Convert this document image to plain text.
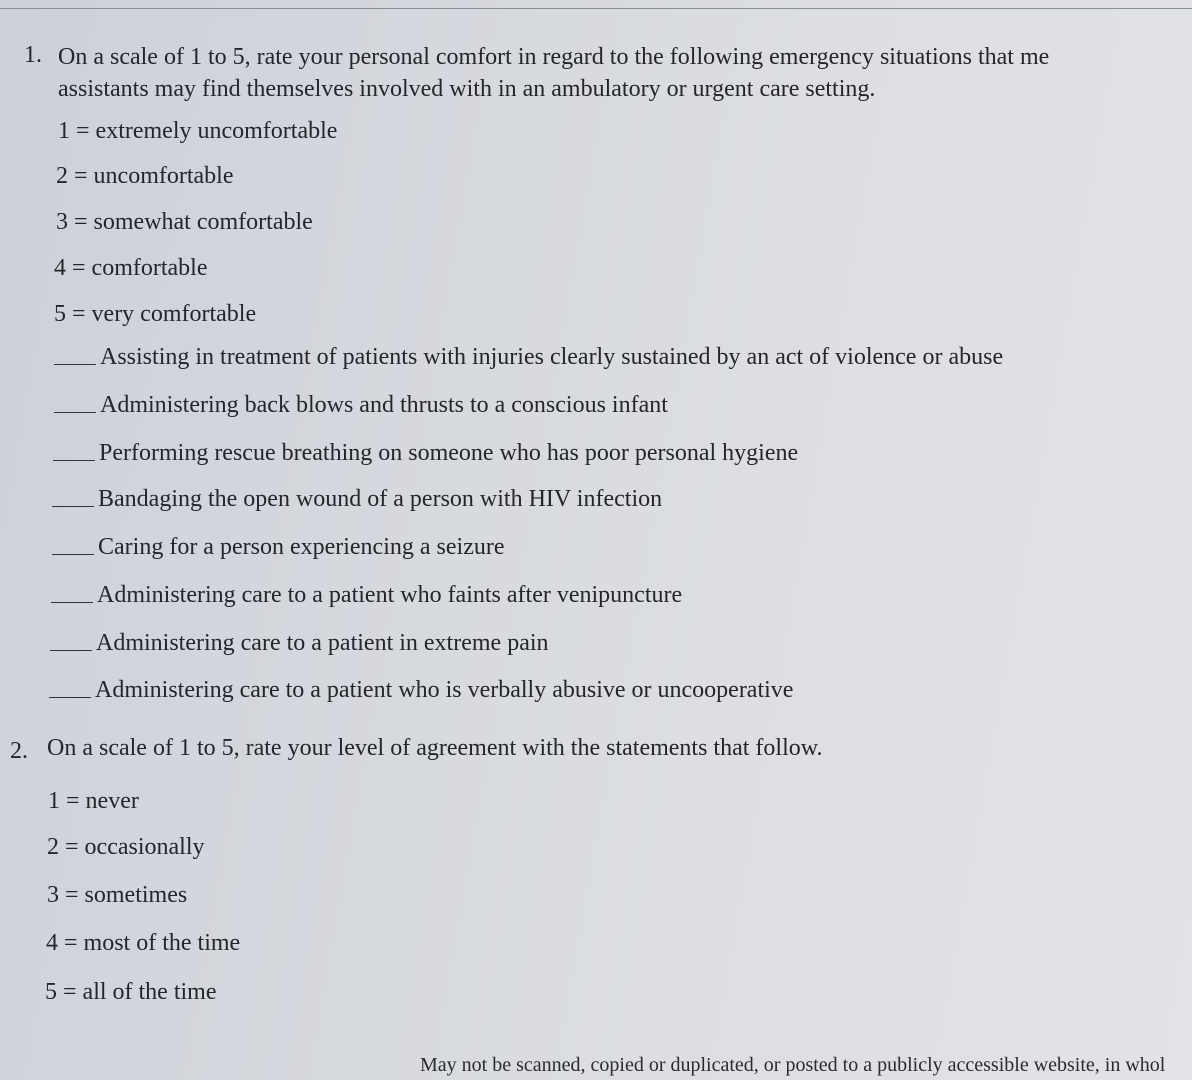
1. On a scale of 1 to 5, rate your personal comfort in regard to the following emergency situations that me
assistants may find themselves involved with in an ambulatory or urgent care setting.
1 = extremely uncomfortable
2 = uncomfortable
3 = somewhat comfortable
4 = comfortable
5 = very comfortable
Assisting in treatment of patients with injuries clearly sustained by an act of violence or abuse
Administering back blows and thrusts to a conscious infant
Performing rescue breathing on someone who has poor personal hygiene
Bandaging the open wound of a person with HIV infection
Caring for a person experiencing a seizure
Administering care to a patient who faints after venipuncture
Administering care to a patient in extreme pain
Administering care to a patient who is verbally abusive or uncooperative
2. On a scale of 1 to 5, rate your level of agreement with the statements that follow.
1 = never
2 = occasionally
3 = sometimes
4 = most of the time
5 = all of the time
May not be scanned, copied or duplicated, or posted to a publicly accessible website, in whol
